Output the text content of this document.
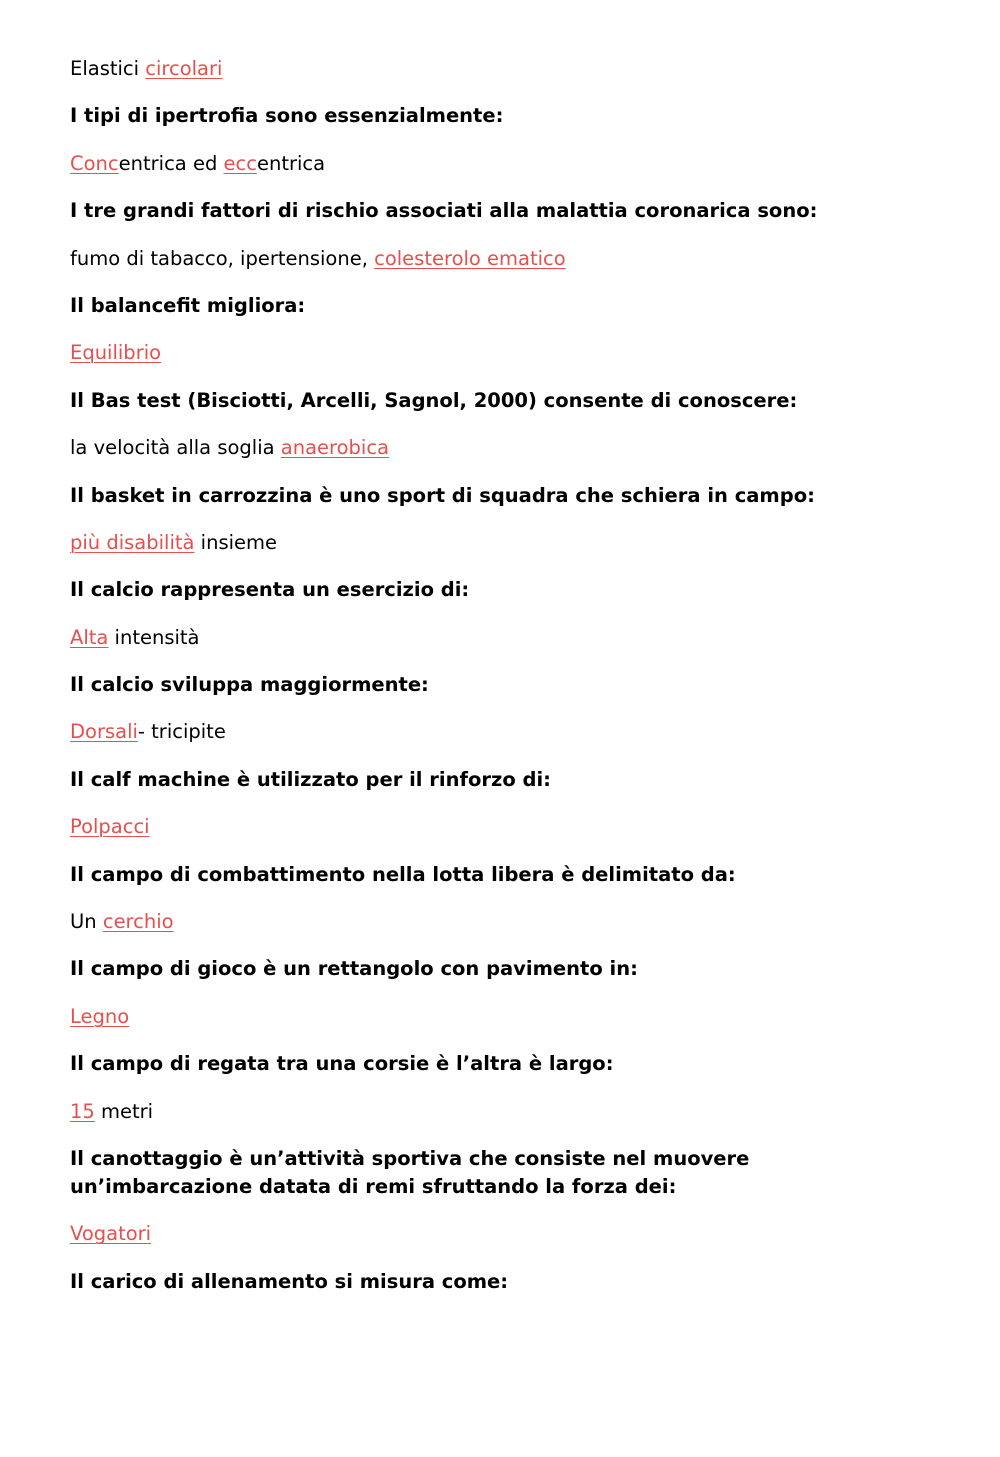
Elastici circolari

I tipi di ipertrofia sono essenzialmente:

Concentrica ed eccentrica

I tre grandi fattori di rischio associati alla malattia coronarica sono:

fumo di tabacco, ipertensione, colesterolo ematico

Il balancefit migliora:

Equilibrio

Il Bas test (Bisciotti, Arcelli, Sagnol, 2000) consente di conoscere:

la velocità alla soglia anaerobica

Il basket in carrozzina è uno sport di squadra che schiera in campo:

più disabilità insieme

Il calcio rappresenta un esercizio di:

Alta intensità

Il calcio sviluppa maggiormente:

Dorsali- tricipite

Il calf machine è utilizzato per il rinforzo di:

Polpacci

Il campo di combattimento nella lotta libera è delimitato da:

Un cerchio

Il campo di gioco è un rettangolo con pavimento in:

Legno

Il campo di regata tra una corsie è l’altra è largo:

15 metri

Il canottaggio è un’attività sportiva che consiste nel muovere
un’imbarcazione datata di remi sfruttando la forza dei:

Vogatori

Il carico di allenamento si misura come:
